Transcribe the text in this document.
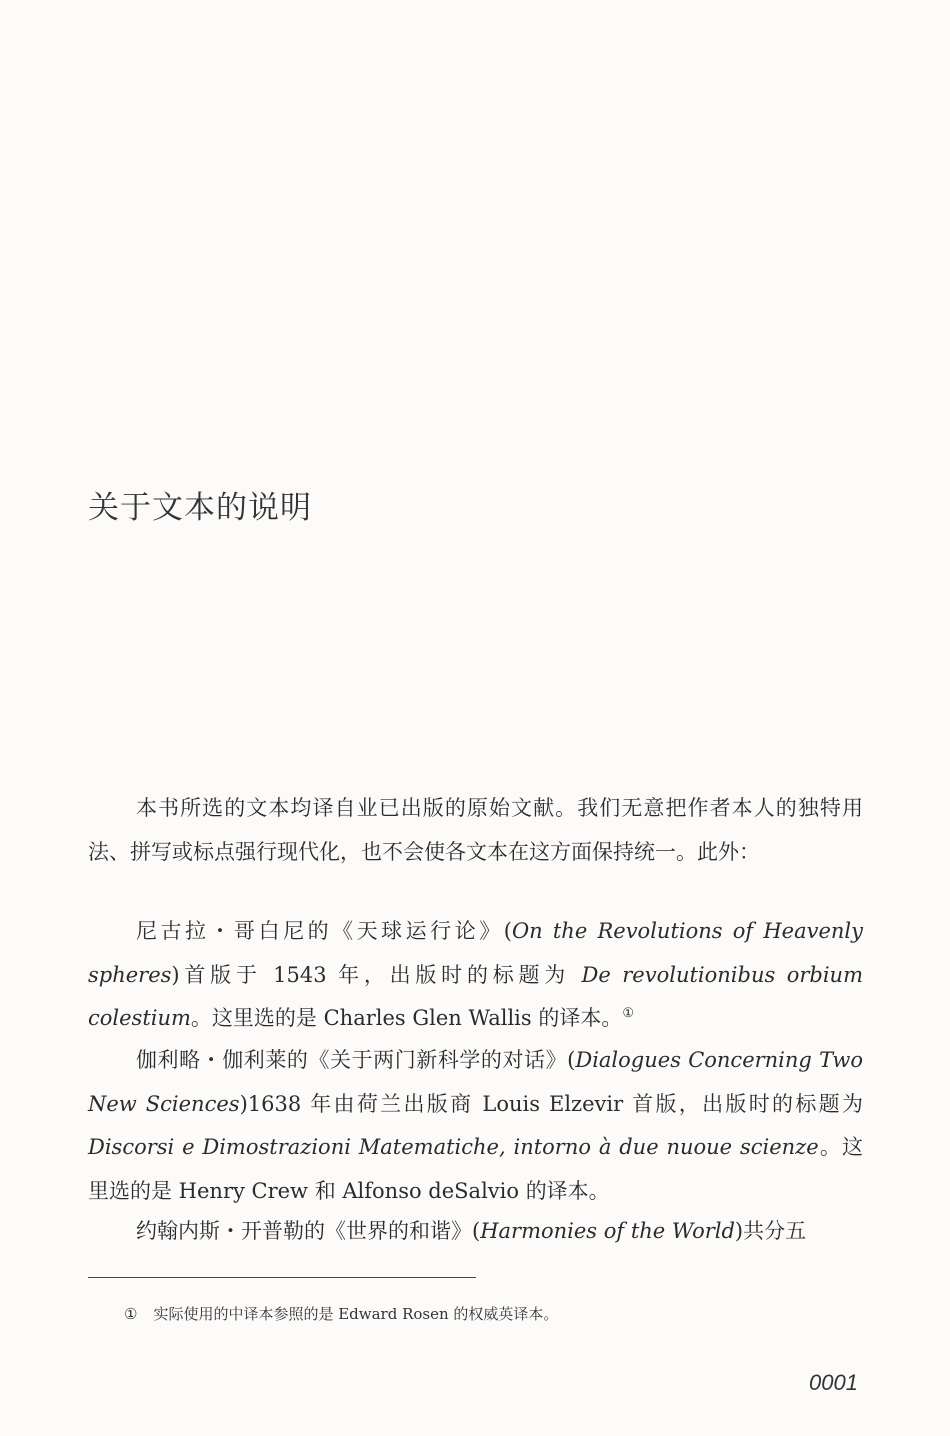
关于文本的说明

本书所选的文本均译自业已出版的原始文献。我们无意把作者本人的独特用法、拼写或标点强行现代化，也不会使各文本在这方面保持统一。此外：

尼古拉・哥白尼的《天球运行论》(On the Revolutions of Heavenly spheres)首版于 1543 年，出版时的标题为 De revolutionibus orbium colestium。这里选的是 Charles Glen Wallis 的译本。①

伽利略・伽利莱的《关于两门新科学的对话》(Dialogues Concerning Two New Sciences)1638 年由荷兰出版商 Louis Elzevir 首版，出版时的标题为 Discorsi e Dimostrazioni Matematiche, intorno à due nuoue scienze。这里选的是 Henry Crew 和 Alfonso deSalvio 的译本。

约翰内斯・开普勒的《世界的和谐》(Harmonies of the World)共分五

① 实际使用的中译本参照的是 Edward Rosen 的权威英译本。
0001
